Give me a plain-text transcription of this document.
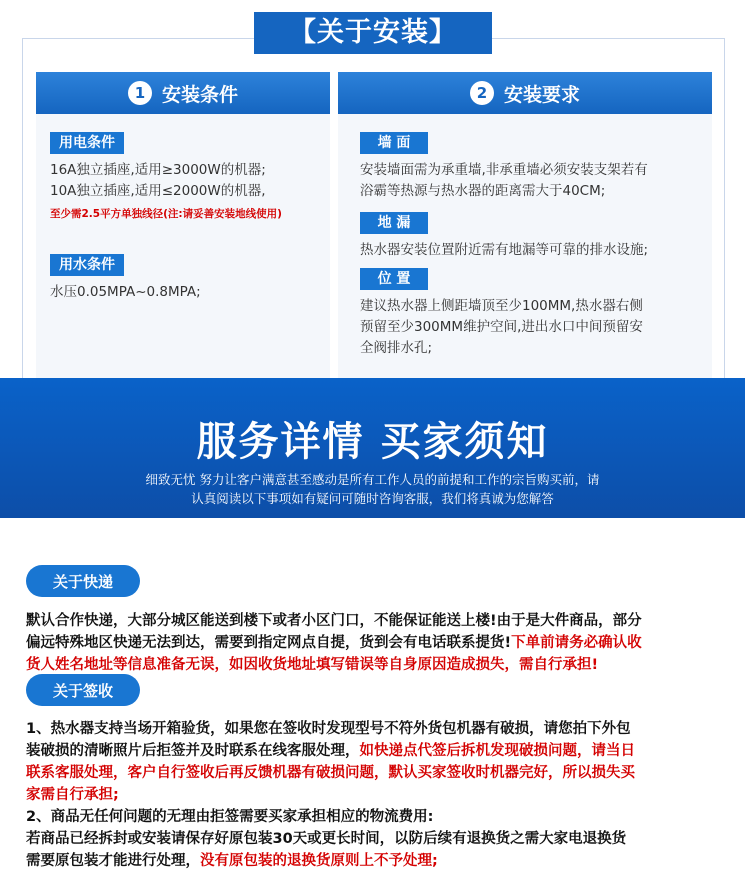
【关于安装】
1 安装条件
用电条件
16A独立插座,适用≥3000W的机器;
10A独立插座,适用≤2000W的机器,
至少需2.5平方单独线径(注:请妥善安装地线使用)
用水条件
水压0.05MPA~0.8MPA;
2 安装要求
墙 面
安装墙面需为承重墙,非承重墙必须安装支架若有
浴霸等热源与热水器的距离需大于40CM;
地 漏
热水器安装位置附近需有地漏等可靠的排水设施;
位 置
建议热水器上侧距墙顶至少100MM,热水器右侧
预留至少300MM维护空间,进出水口中间预留安
全阀排水孔;
服务详情 买家须知
细致无忧 努力让客户满意甚至感动是所有工作人员的前提和工作的宗旨购买前，请
认真阅读以下事项如有疑问可随时咨询客服，我们将真诚为您解答
关于快递
默认合作快递，大部分城区能送到楼下或者小区门口，不能保证能送上楼!由于是大件商品，部分
偏远特殊地区快递无法到达，需要到指定网点自提，货到会有电话联系提货!下单前请务必确认收
货人姓名地址等信息准备无误，如因收货地址填写错误等自身原因造成损失，需自行承担!
关于签收
1、热水器支持当场开箱验货，如果您在签收时发现型号不符外货包机器有破损，请您拍下外包
装破损的清晰照片后拒签并及时联系在线客服处理，如快递点代签后拆机发现破损问题，请当日
联系客服处理，客户自行签收后再反馈机器有破损问题，默认买家签收时机器完好，所以损失买
家需自行承担;
2、商品无任何问题的无理由拒签需要买家承担相应的物流费用:
若商品已经拆封或安装请保存好原包装30天或更长时间，以防后续有退换货之需大家电退换货
需要原包装才能进行处理，没有原包装的退换货原则上不予处理;
